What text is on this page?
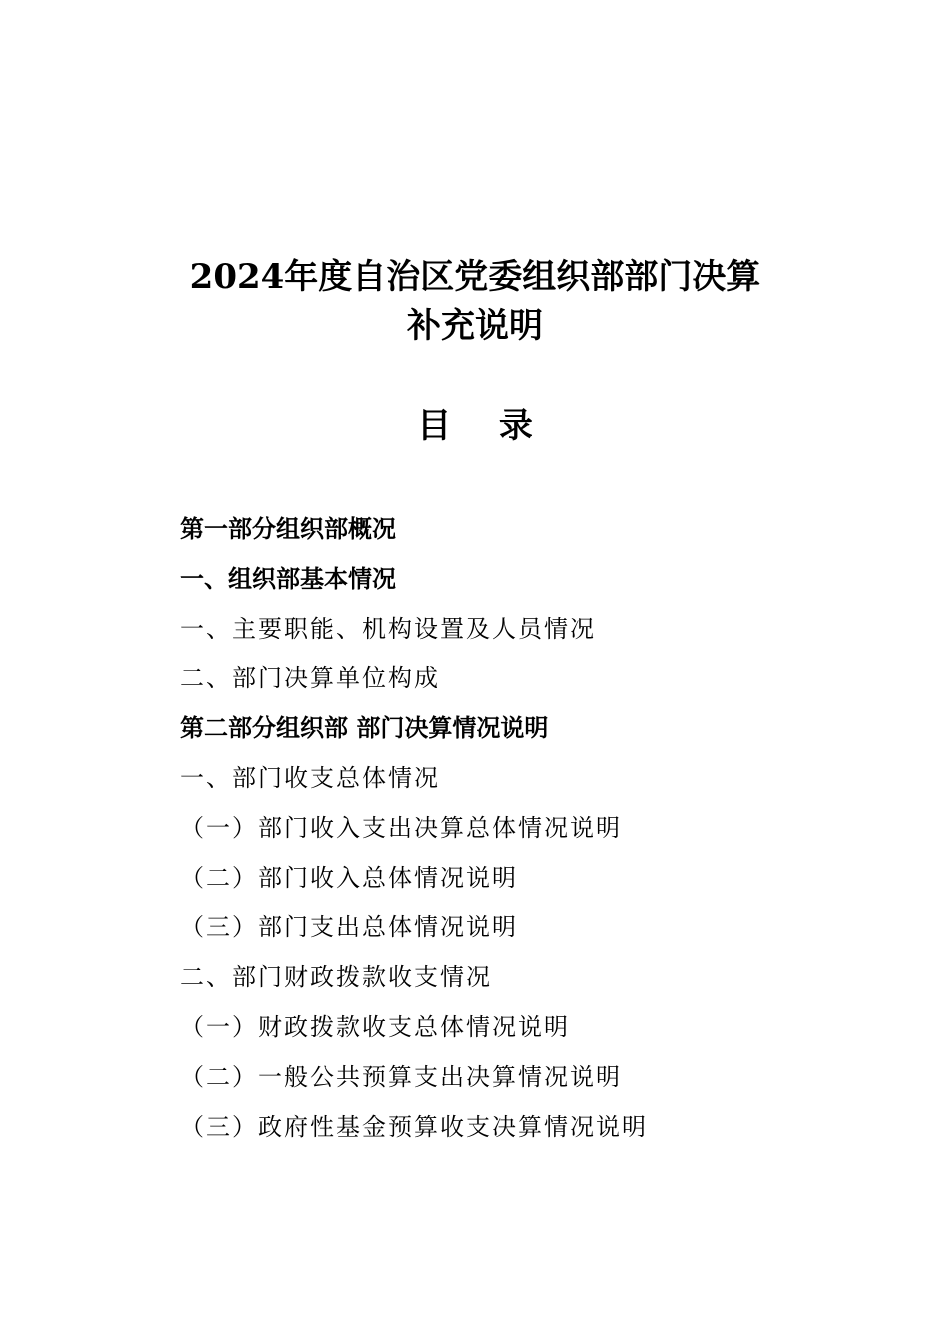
2024年度自治区党委组织部部门决算
补充说明
目 录
第一部分组织部概况
一、组织部基本情况
一、主要职能、机构设置及人员情况
二、部门决算单位构成
第二部分组织部 部门决算情况说明
一、部门收支总体情况
（一）部门收入支出决算总体情况说明
（二）部门收入总体情况说明
（三）部门支出总体情况说明
二、部门财政拨款收支情况
（一）财政拨款收支总体情况说明
（二）一般公共预算支出决算情况说明
（三）政府性基金预算收支决算情况说明
